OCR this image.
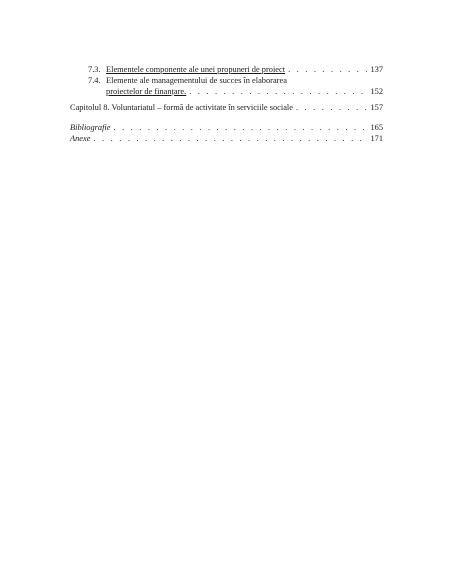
7.3. Elementele componente ale unei propuneri de proiect . . .	137
7.4. Elemente ale managementului de succes în elaborarea
proiectelor de finanțare. . . .	152
Capitolul 8. Voluntariatul – formă de activitate în serviciile sociale . . .	157
Bibliografie . . .	165
Anexe . . .	171
